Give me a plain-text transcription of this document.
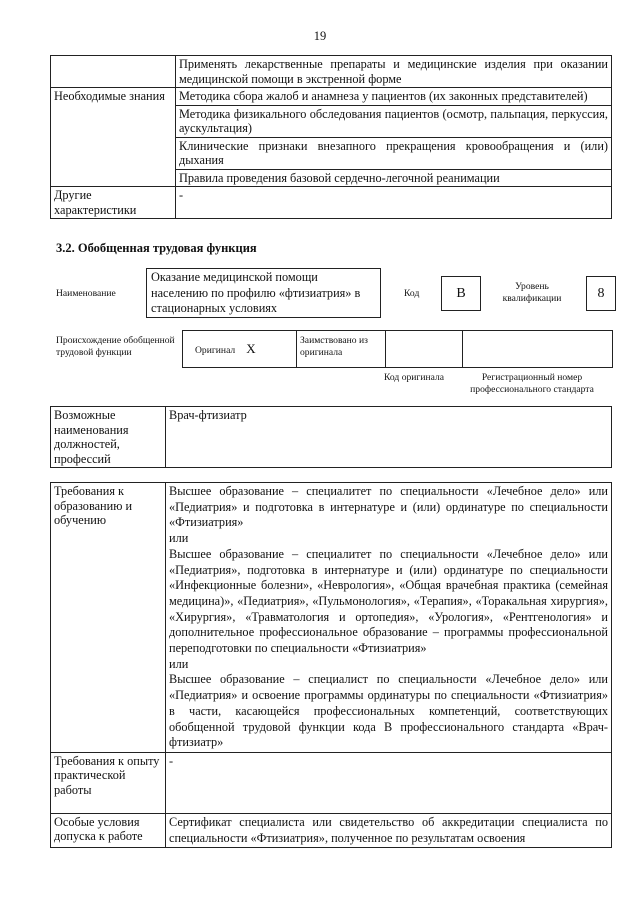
19
	Применять лекарственные препараты и медицинские изделия при оказании медицинской помощи в экстренной форме
Необходимые знания	Методика сбора жалоб и анамнеза у пациентов (их законных представителей)
	Методика физикального обследования пациентов (осмотр, пальпация, перкуссия, аускультация)
	Клинические признаки внезапного прекращения кровообращения и (или) дыхания
	Правила проведения базовой сердечно-легочной реанимации
Другие характеристики	-
3.2. Обобщенная трудовая функция
Наименование
Оказание медицинской помощи населению по профилю «фтизиатрия» в стационарных условиях
Код	B	Уровень квалификации	8
Происхождение обобщенной трудовой функции	Оригинал X	Заимствовано из оригинала		
Код оригинала	Регистрационный номер профессионального стандарта
Возможные наименования должностей, профессий	Врач-фтизиатр
Требования к образованию и обучению	Высшее образование – специалитет по специальности «Лечебное дело» или «Педиатрия» и подготовка в интернатуре и (или) ординатуре по специальности «Фтизиатрия»
или
Высшее образование – специалитет по специальности «Лечебное дело» или «Педиатрия», подготовка в интернатуре и (или) ординатуре по специальности «Инфекционные болезни», «Неврология», «Общая врачебная практика (семейная медицина)», «Педиатрия», «Пульмонология», «Терапия», «Торакальная хирургия», «Хирургия», «Травматология и ортопедия», «Урология», «Рентгенология» и дополнительное профессиональное образование – программы профессиональной переподготовки по специальности «Фтизиатрия»
или
Высшее образование – специалист по специальности «Лечебное дело» или «Педиатрия» и освоение программы ординатуры по специальности «Фтизиатрия» в части, касающейся профессиональных компетенций, соответствующих обобщенной трудовой функции кода B профессионального стандарта «Врач-фтизиатр»
Требования к опыту практической работы	-
Особые условия допуска к работе	Сертификат специалиста или свидетельство об аккредитации специалиста по специальности «Фтизиатрия», полученное по результатам освоения
